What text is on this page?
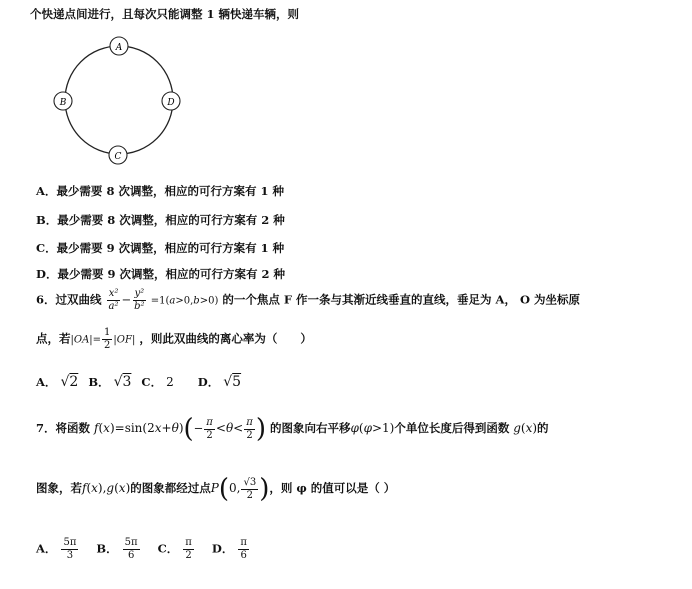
个快递点间进行，且每次只能调整 1 辆快递车辆，则
A
B
C
D
A．最少需要 8 次调整，相应的可行方案有 1 种
B．最少需要 8 次调整，相应的可行方案有 2 种
C．最少需要 9 次调整，相应的可行方案有 1 种
D．最少需要 9 次调整，相应的可行方案有 2 种
6．过双曲线 $\frac{\text{x²}}{\text{a²}} - \frac{\text{y²}}{\text{b²}} =1(a>0,b>0)$ 的一个焦点 F 作一条与其渐近线垂直的直线，垂足为 A， O 为坐标原
点，若$|OA|= \frac{1}{2} |OF|$ ，则此双曲线的离心率为（　　）
A． √2 B． √3 C． 2 D． √5
7．将函数 $f(x)=\sin(2x+\theta)(- \frac{\pi}{2} <\theta< \frac{\pi}{2}$ ) 的图象向右平移φ(φ>1)个单位长度后得到函数 g(x)的
图象，若f(x),g(x)的图象都经过点P(0, $\frac{√3}{2}$ )，则 φ 的值可以是（ ）
A． $\frac{5\pi}{3}$ B． $\frac{5\pi}{6}$ C． $\frac{\pi}{2}$ D． $\frac{\pi}{6}$
